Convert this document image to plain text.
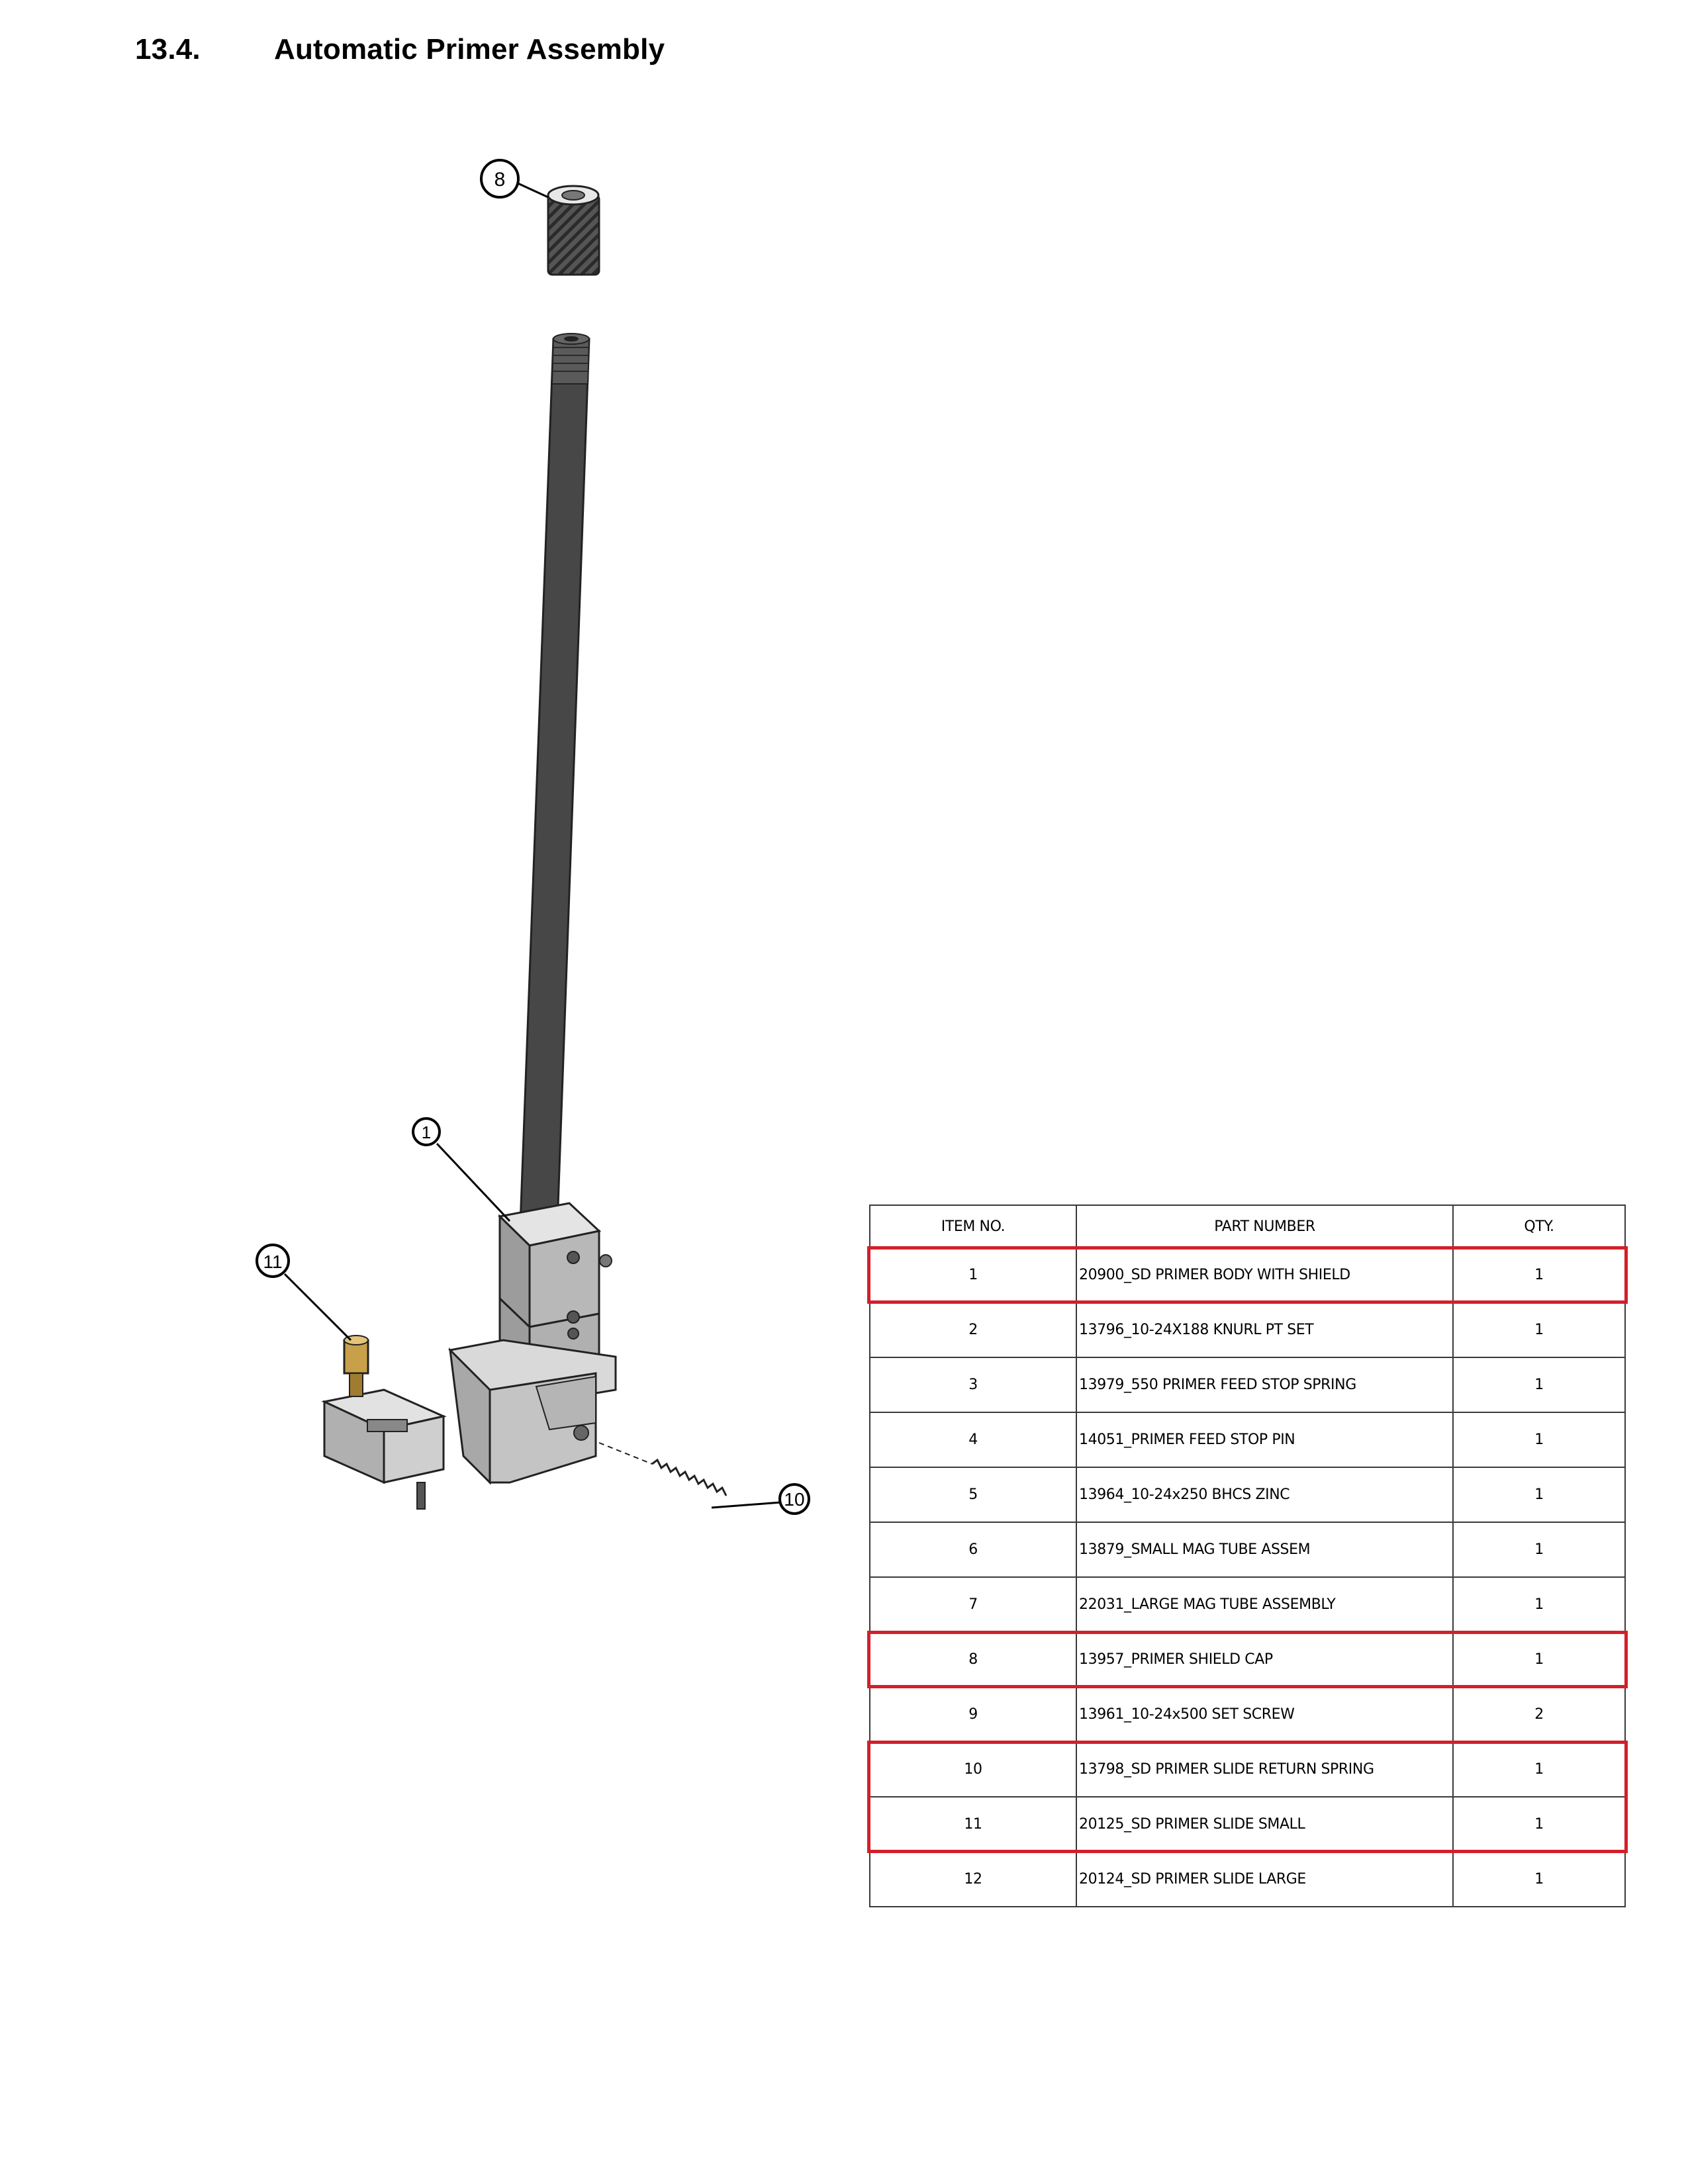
13.4.	Automatic Primer Assembly
8
1
11
10
ITEM NO.	PART NUMBER	QTY.
1	20900_SD PRIMER BODY WITH SHIELD	1
2	13796_10-24X188 KNURL PT SET	1
3	13979_550 PRIMER FEED STOP SPRING	1
4	14051_PRIMER FEED STOP PIN	1
5	13964_10-24x250 BHCS ZINC	1
6	13879_SMALL MAG TUBE ASSEM	1
7	22031_LARGE MAG TUBE ASSEMBLY	1
8	13957_PRIMER SHIELD CAP	1
9	13961_10-24x500 SET SCREW	2
10	13798_SD PRIMER SLIDE RETURN SPRING	1
11	20125_SD PRIMER SLIDE SMALL	1
12	20124_SD PRIMER SLIDE LARGE	1
